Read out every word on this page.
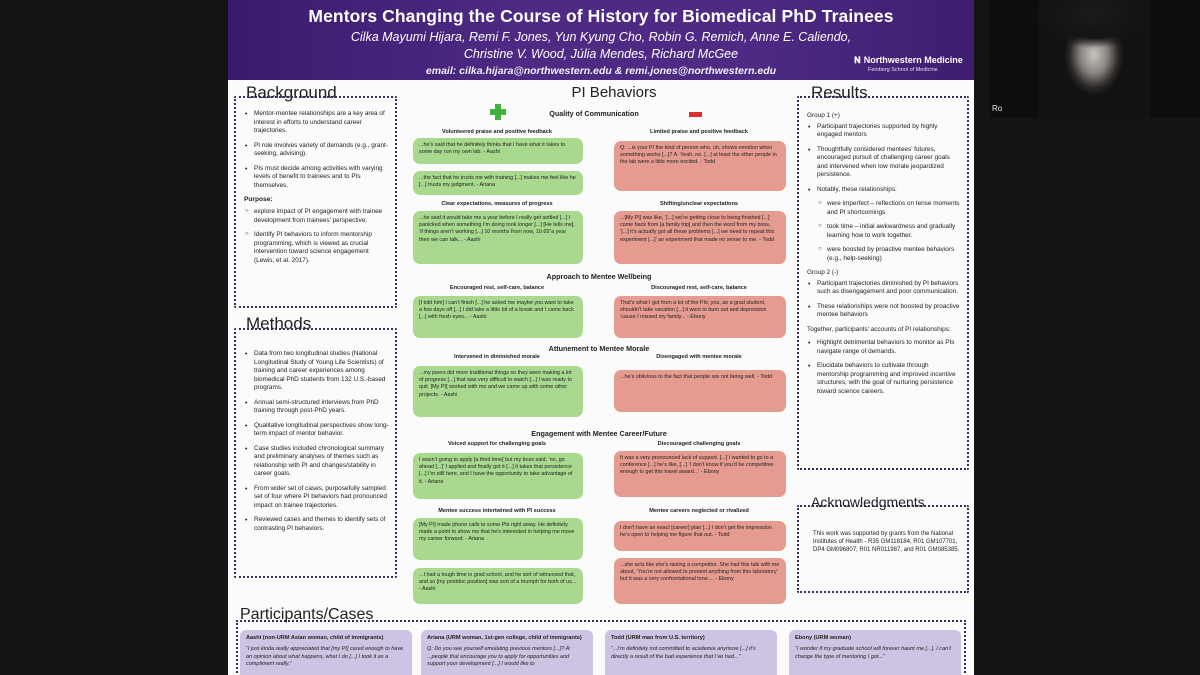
Mentors Changing the Course of History for Biomedical PhD Trainees
Cilka Mayumi Hijara, Remi F. Jones, Yun Kyung Cho, Robin G. Remich, Anne E. Caliendo,
Christine V. Wood, Júlia Mendes, Richard McGee
email: cilka.hijara@northwestern.edu & remi.jones@northwestern.edu
𝐍 Northwestern Medicine
Feinberg School of Medicine
Background
• Mentor-mentee relationships are a key area of interest in efforts to understand career trajectories.
• PI role involves variety of demands (e.g., grant-seeking, advising).
• PIs must decide among activities with varying levels of benefit to trainees and to PIs themselves.
Purpose:
○ explore impact of PI engagement with trainee development from trainees’ perspective.
○ Identify PI behaviors to inform mentorship programming, which is viewed as crucial intervention toward science engagement (Lewis, et al. 2017).
Methods
• Data from two longitudinal studies (National Longitudinal Study of Young Life Scientists) of training and career experiences among biomedical PhD students from 132 U.S.-based programs.
• Annual semi-structured interviews from PhD training through post-PhD years.
• Qualitative longitudinal perspectives show long-term impact of mentor behavior.
• Case studies included chronological summary and preliminary analyses of themes such as relationship with PI and changes/stability in career goals.
• From wider set of cases, purposefully sampled set of four where PI behaviors had pronounced impact on trainee trajectories.
• Reviewed cases and themes to identify sets of contrasting PI behaviors.
PI Behaviors
Quality of Communication
Volunteered praise and positive feedback	Limited praise and positive feedback
...he’s said that he definitely thinks that I have what it takes to some day run my own lab. - Aashi
...the fact that he trusts me with training [...] makes me feel like he [...] trusts my judgment. - Ariana
Q: ...is your PI the kind of person who, uh, shows emotion when something works [...]? A: Yeah, no. [...] at least the other people in the lab were a little more excited. - Todd
Clear expectations, measures of progress	Shifting/unclear expectations
...he said it would take me a year before I really get settled [...] I panicked when something I’m doing took longer [...] [He tells me], ‘if things aren’t working [...] 10 months from now, 10.65”a year then we can talk... - Aashi
...[My PI] was like, ‘[...] we’re getting close to being finished [...] come back from [a family trip] and then the word from my boss, ‘[...] it’s actually got all these problems [...] we need to repeat this experiment [...]’ an experiment that made no sense to me. - Todd
Approach to Mentee Wellbeing
Encouraged rest, self-care, balance	Discouraged rest, self-care, balance
[I told him] I can’t finish [...] he asked me maybe you want to take a few days off [...] I did take a little bit of a break and I came back [...] with fresh eyes... - Aashi
That’s what I got from a lot of the PIs; you, as a grad student, shouldn’t take vacation [...] it went to burn out and depression ‘cause I missed my family... - Ebony
Attunement to Mentee Morale
Intervened in diminished morale	Disengaged with mentee morale
...my peers did more traditional things so they were making a lot of progress [...] that was very difficult to watch [...] I was ready to quit. [My PI] worked with me and we came up with some other projects. - Aashi
...he’s oblivious to the fact that people are not faring well. - Todd
Engagement with Mentee Career/Future
Voiced support for challenging goals	Discouraged challenging goals
I wasn’t going to apply [a third time] but my boss said, ‘no, go ahead [...]’ I applied and finally got it [...] it takes that persistence [...] I’m still here, and I have the opportunity to take advantage of it. - Ariana
It was a very pronounced lack of support. [...] I wanted to go to a conference [...] he’s like, [...] ‘I don’t know if you’d be competitive enough to get this travel award...’ - Ebony
Mentee success intertwined with PI success	Mentee careers neglected or rivalized
[My PI] made phone calls to some PIs right away. He definitely made a point to show me that he’s interested in helping me move my career forward. - Ariana
I don’t have an exact [career] plan [...] I don’t get the impression he’s open to helping me figure that out. - Todd
...I had a tough time in grad school, and he sort of witnessed that, and so [my postdoc position] was sort of a triumph for both of us... - Aashi
...she acts like she’s raising a competitor. She had this talk with me about, ‘You’re not allowed to present anything from this laboratory’ but it was a very confrontational tone.... - Ebony
Results
Group 1 (+)
• Participant trajectories supported by highly engaged mentors
• Thoughtfully considered mentees’ futures, encouraged pursuit of challenging career goals and intervened when low morale jeopardized persistence.
• Notably, these relationships:
○ were imperfect – reflections on tense moments and PI shortcomings
○ took time – initial awkwardness and gradually learning how to work together.
○ were boosted by proactive mentee behaviors (e.g., help-seeking)
Group 2 (-)
• Participant trajectories diminished by PI behaviors such as disengagement and poor communication.
• These relationships were not boosted by proactive mentee behaviors
Together, participants’ accounts of PI relationships:
• Highlight detrimental behaviors to monitor as PIs navigate range of demands.
• Elucidate behaviors to cultivate through mentorship programming and improved incentive structures, with the goal of nurturing persistence toward science careers.
Acknowledgments
This work was supported by grants from the National Institutes of Health - R35 GM118184, R01 GM107701, DP4 GM096807, R01 NR011987, and R01 GM085385.
Participants/Cases
Aashi (non-URM Asian woman, child of immigrants)
“I just kinda really appreciated that [my PI] cared enough to have an opinion about what happens, what I do [...] I took it as a compliment really.”
Ariana (URM woman, 1st-gen college, child of immigrants)
Q: Do you see yourself emulating previous mentors [...]? A: ...people that encourage you to apply for opportunities and support your development [...] I would like to
Todd (URM man from U.S. territory)
“...I’m definitely not committed to academia anymore [...] it’s directly a result of the bad experience that I’ve had...”
Ebony (URM woman)
“I wonder if my graduate school will forever haunt me [...]. I can’t change the type of mentoring I got...”
Ro
